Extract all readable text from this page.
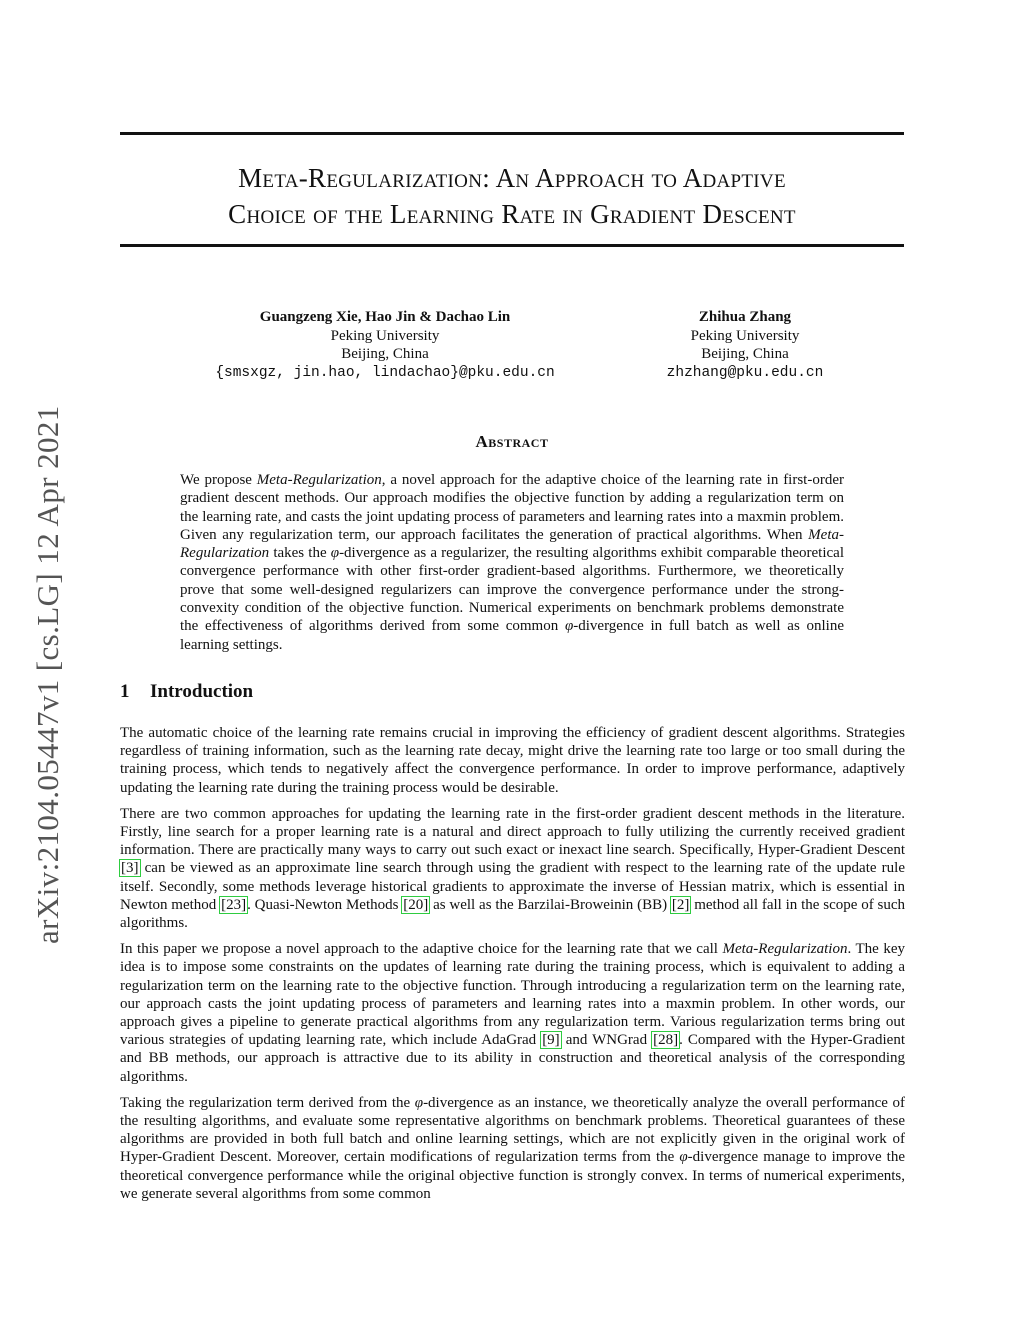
arXiv:2104.05447v1 [cs.LG] 12 Apr 2021
Meta-Regularization: An Approach to Adaptive
Choice of the Learning Rate in Gradient Descent
Guangzeng Xie, Hao Jin & Dachao Lin
Peking University
Beijing, China
{smsxgz, jin.hao, lindachao}@pku.edu.cn
Zhihua Zhang
Peking University
Beijing, China
zhzhang@pku.edu.cn
Abstract

We propose Meta-Regularization, a novel approach for the adaptive choice of the learning rate in first-order gradient descent methods. Our approach modifies the objective function by adding a regularization term on the learning rate, and casts the joint updating process of parameters and learning rates into a maxmin problem. Given any regularization term, our approach facilitates the generation of practical algorithms. When Meta-Regularization takes the φ-divergence as a regularizer, the resulting algorithms exhibit comparable theoretical convergence performance with other first-order gradient-based algorithms. Furthermore, we theoretically prove that some well-designed regularizers can improve the convergence performance under the strong-convexity condition of the objective function. Numerical experiments on benchmark problems demonstrate the effectiveness of algorithms derived from some common φ-divergence in full batch as well as online learning settings.

1 Introduction

The automatic choice of the learning rate remains crucial in improving the efficiency of gradient descent algorithms. Strategies regardless of training information, such as the learning rate decay, might drive the learning rate too large or too small during the training process, which tends to negatively affect the convergence performance. In order to improve performance, adaptively updating the learning rate during the training process would be desirable.

There are two common approaches for updating the learning rate in the first-order gradient descent methods in the literature. Firstly, line search for a proper learning rate is a natural and direct approach to fully utilizing the currently received gradient information. There are practically many ways to carry out such exact or inexact line search. Specifically, Hyper-Gradient Descent [3] can be viewed as an approximate line search through using the gradient with respect to the learning rate of the update rule itself. Secondly, some methods leverage historical gradients to approximate the inverse of Hessian matrix, which is essential in Newton method [23]. Quasi-Newton Methods [20] as well as the Barzilai-Broweinin (BB) [2] method all fall in the scope of such algorithms.

In this paper we propose a novel approach to the adaptive choice for the learning rate that we call Meta-Regularization. The key idea is to impose some constraints on the updates of learning rate during the training process, which is equivalent to adding a regularization term on the learning rate to the objective function. Through introducing a regularization term on the learning rate, our approach casts the joint updating process of parameters and learning rates into a maxmin problem. In other words, our approach gives a pipeline to generate practical algorithms from any regularization term. Various regularization terms bring out various strategies of updating learning rate, which include AdaGrad [9] and WNGrad [28]. Compared with the Hyper-Gradient and BB methods, our approach is attractive due to its ability in construction and theoretical analysis of the corresponding algorithms.

Taking the regularization term derived from the φ-divergence as an instance, we theoretically analyze the overall performance of the resulting algorithms, and evaluate some representative algorithms on benchmark problems. Theoretical guarantees of these algorithms are provided in both full batch and online learning settings, which are not explicitly given in the original work of Hyper-Gradient Descent. Moreover, certain modifications of regularization terms from the φ-divergence manage to improve the theoretical convergence performance while the original objective function is strongly convex. In terms of numerical experiments, we generate several algorithms from some common
